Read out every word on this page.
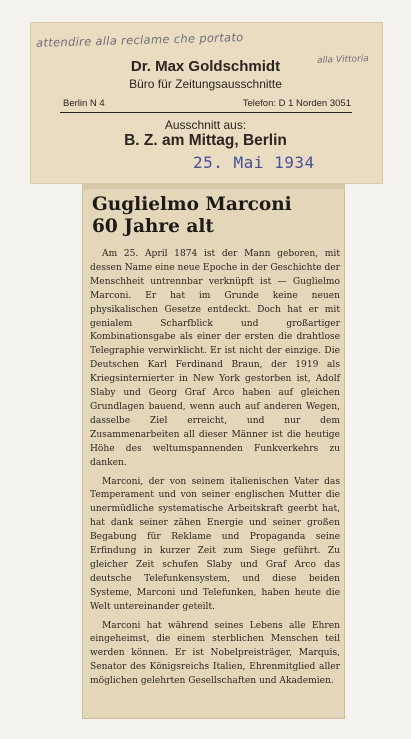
attendire alla reclame che portato
alla Vittoria
Dr. Max Goldschmidt
Büro für Zeitungsausschnitte
Berlin N 4	Telefon: D 1 Norden 3051
Ausschnitt aus:
B. Z. am Mittag, Berlin
25. Mai 1934
Guglielmo Marconi
60 Jahre alt

Am 25. April 1874 ist der Mann geboren, mit dessen Name eine neue Epoche in der Geschichte der Menschheit untrennbar verknüpft ist — Guglielmo Marconi. Er hat im Grunde keine neuen physikalischen Gesetze entdeckt. Doch hat er mit genialem Scharfblick und großartiger Kombinationsgabe als einer der ersten die drahtlose Telegraphie verwirklicht. Er ist nicht der einzige. Die Deutschen Karl Ferdinand Braun, der 1919 als Kriegsinternierter in New York gestorben ist, Adolf Slaby und Georg Graf Arco haben auf gleichen Grundlagen bauend, wenn auch auf anderen Wegen, dasselbe Ziel erreicht, und nur dem Zusammenarbeiten all dieser Männer ist die heutige Höhe des weltumspannenden Funkverkehrs zu danken.

Marconi, der von seinem italienischen Vater das Temperament und von seiner englischen Mutter die unermüdliche systematische Arbeitskraft geerbt hat, hat dank seiner zähen Energie und seiner großen Begabung für Reklame und Propaganda seine Erfindung in kurzer Zeit zum Siege geführt. Zu gleicher Zeit schufen Slaby und Graf Arco das deutsche Telefunkensystem, und diese beiden Systeme, Marconi und Telefunken, haben heute die Welt untereinander geteilt.

Marconi hat während seines Lebens alle Ehren eingeheimst, die einem sterblichen Menschen teil werden können. Er ist Nobelpreisträger, Marquis, Senator des Königsreichs Italien, Ehrenmitglied aller möglichen gelehrten Gesellschaften und Akademien.
